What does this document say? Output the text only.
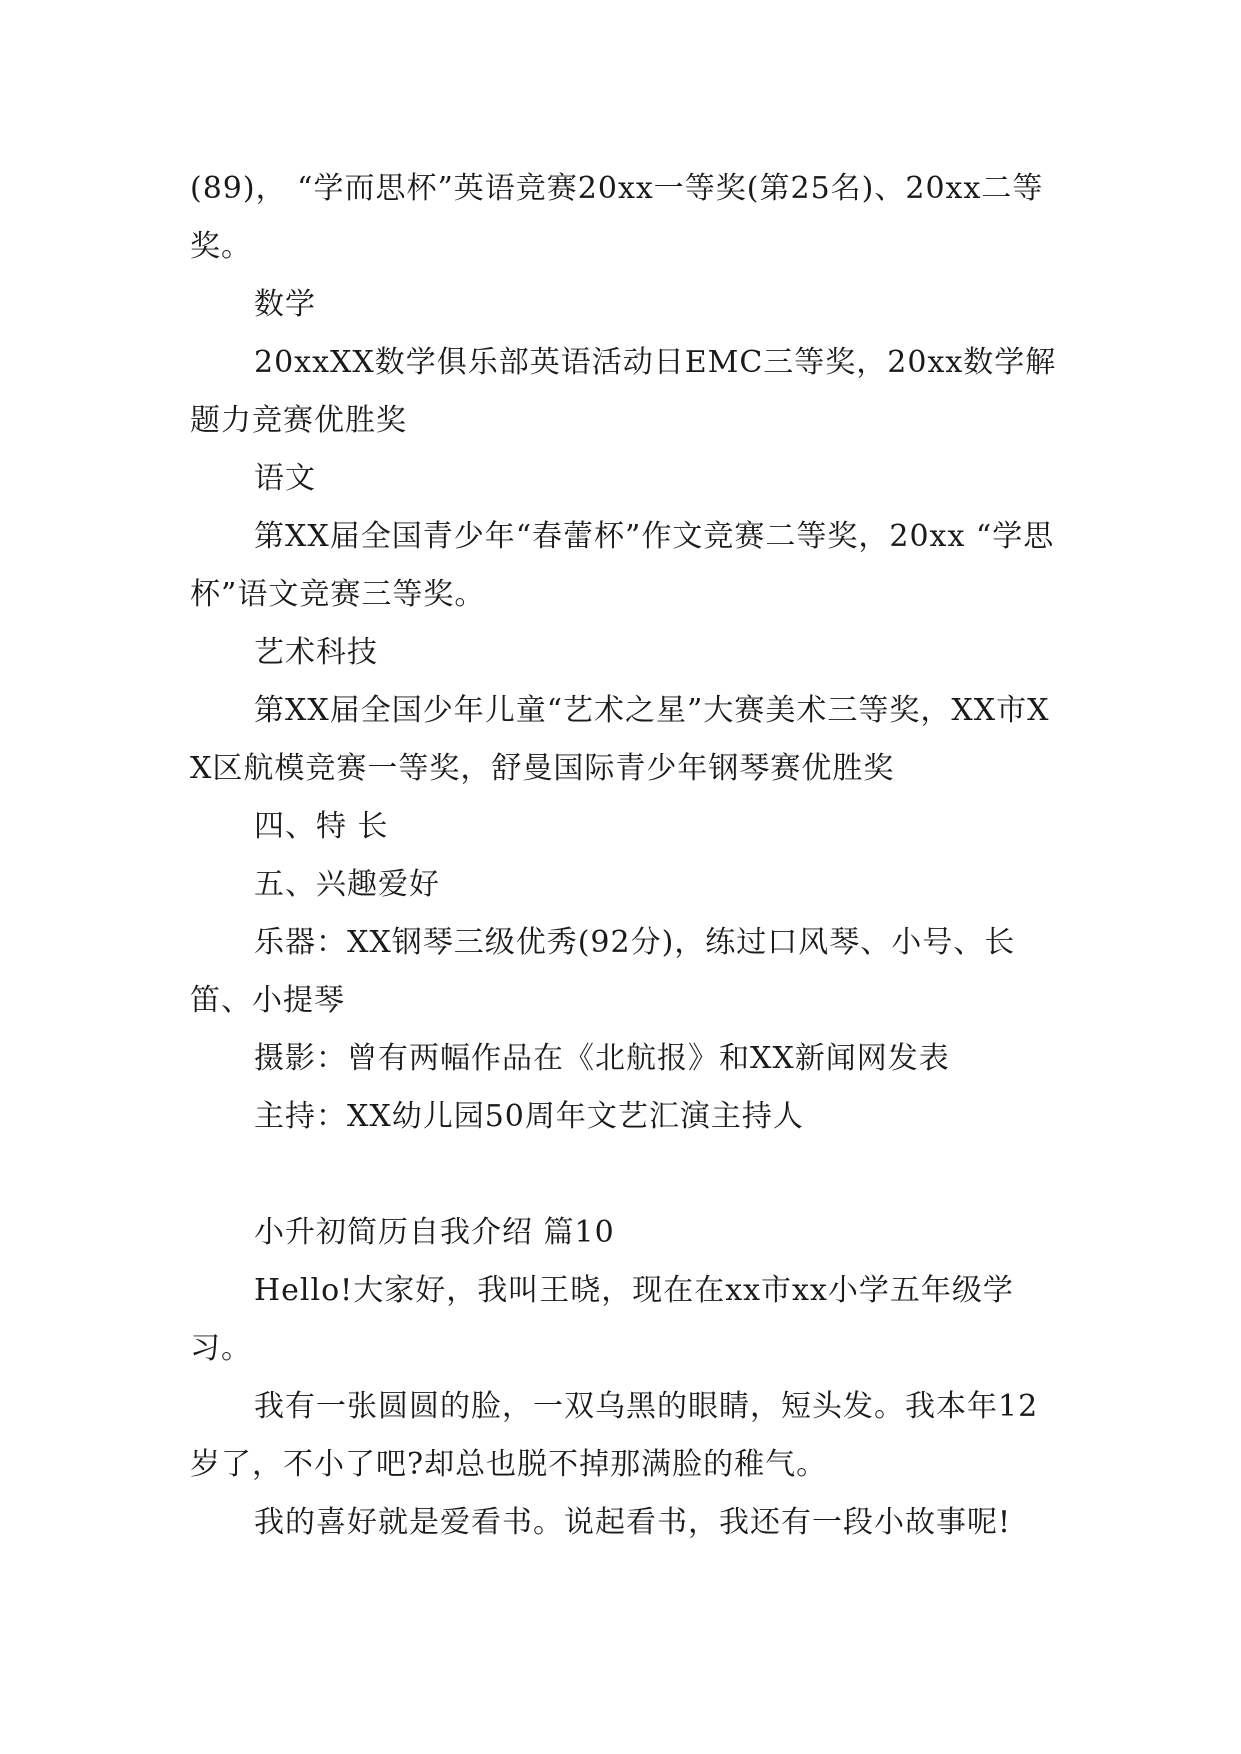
(89)， “学而思杯”英语竞赛20xx一等奖(第25名)、20xx二等奖。

数学

20xxXX数学俱乐部英语活动日EMC三等奖，20xx数学解题力竞赛优胜奖

语文

第XX届全国青少年“春蕾杯”作文竞赛二等奖，20xx “学思杯”语文竞赛三等奖。

艺术科技

第XX届全国少年儿童“艺术之星”大赛美术三等奖，XX市XX区航模竞赛一等奖，舒曼国际青少年钢琴赛优胜奖

四、特 长

五、兴趣爱好

乐器：XX钢琴三级优秀(92分)，练过口风琴、小号、长笛、小提琴

摄影：曾有两幅作品在《北航报》和XX新闻网发表

主持：XX幼儿园50周年文艺汇演主持人

小升初简历自我介绍 篇10

Hello!大家好，我叫王晓，现在在xx市xx小学五年级学习。

我有一张圆圆的脸，一双乌黑的眼睛，短头发。我本年12岁了，不小了吧?却总也脱不掉那满脸的稚气。

我的喜好就是爱看书。说起看书，我还有一段小故事呢!
